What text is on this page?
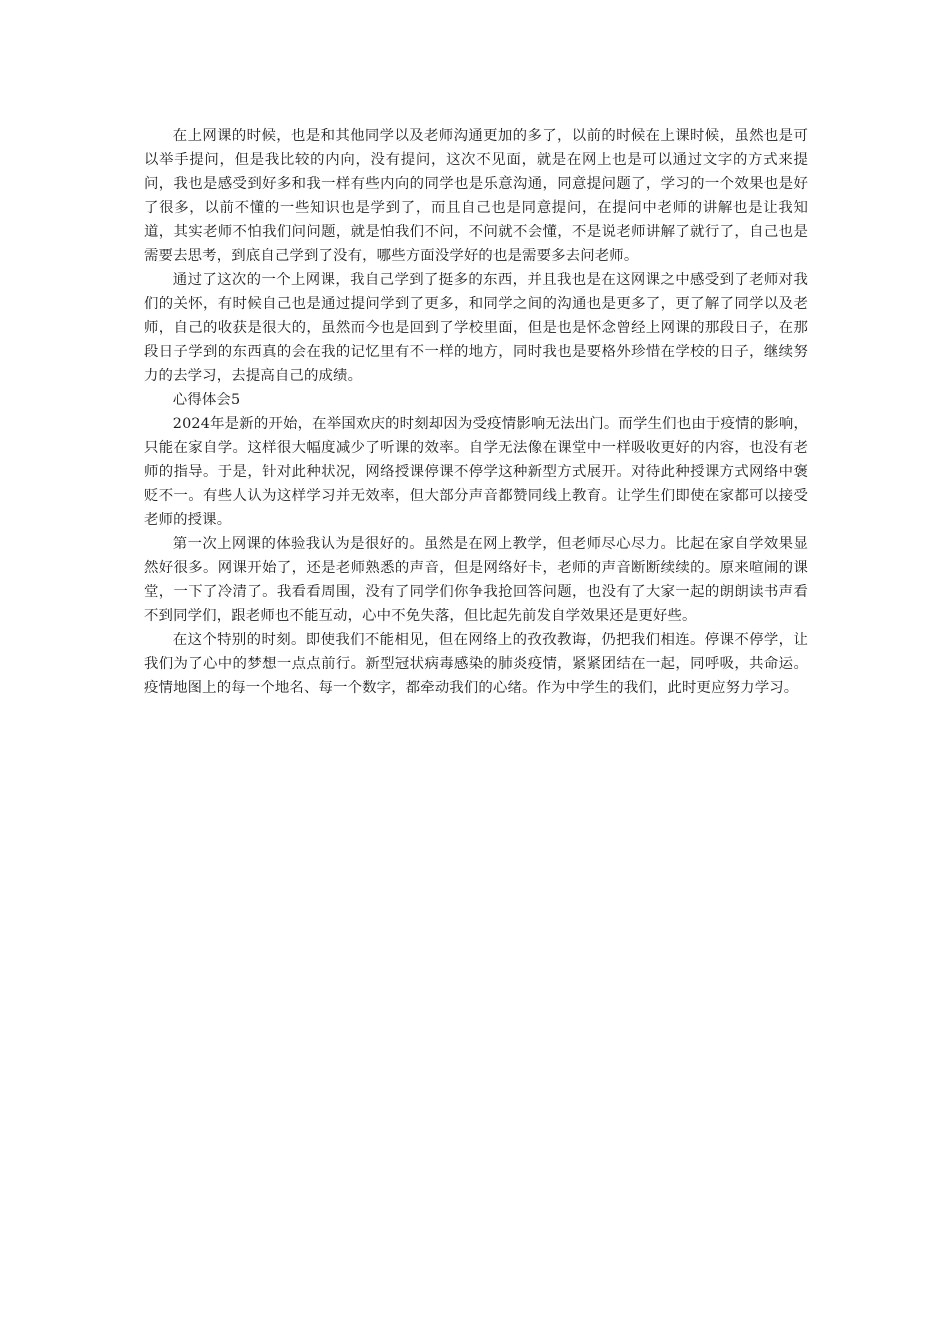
在上网课的时候，也是和其他同学以及老师沟通更加的多了，以前的时候在上课时候，虽然也是可以举手提问，但是我比较的内向，没有提问，这次不见面，就是在网上也是可以通过文字的方式来提问，我也是感受到好多和我一样有些内向的同学也是乐意沟通，同意提问题了，学习的一个效果也是好了很多，以前不懂的一些知识也是学到了，而且自己也是同意提问，在提问中老师的讲解也是让我知道，其实老师不怕我们问问题，就是怕我们不问，不问就不会懂，不是说老师讲解了就行了，自己也是需要去思考，到底自己学到了没有，哪些方面没学好的也是需要多去问老师。

通过了这次的一个上网课，我自己学到了挺多的东西，并且我也是在这网课之中感受到了老师对我们的关怀，有时候自己也是通过提问学到了更多，和同学之间的沟通也是更多了，更了解了同学以及老师，自己的收获是很大的，虽然而今也是回到了学校里面，但是也是怀念曾经上网课的那段日子，在那段日子学到的东西真的会在我的记忆里有不一样的地方，同时我也是要格外珍惜在学校的日子，继续努力的去学习，去提高自己的成绩。

心得体会5

2024年是新的开始，在举国欢庆的时刻却因为受疫情影响无法出门。而学生们也由于疫情的影响，只能在家自学。这样很大幅度减少了听课的效率。自学无法像在课堂中一样吸收更好的内容，也没有老师的指导。于是，针对此种状况，网络授课停课不停学这种新型方式展开。对待此种授课方式网络中褒贬不一。有些人认为这样学习并无效率，但大部分声音都赞同线上教育。让学生们即使在家都可以接受老师的授课。

第一次上网课的体验我认为是很好的。虽然是在网上教学，但老师尽心尽力。比起在家自学效果显然好很多。网课开始了，还是老师熟悉的声音，但是网络好卡，老师的声音断断续续的。原来喧闹的课堂，一下了冷清了。我看看周围，没有了同学们你争我抢回答问题，也没有了大家一起的朗朗读书声看不到同学们，跟老师也不能互动，心中不免失落，但比起先前发自学效果还是更好些。

在这个特别的时刻。即使我们不能相见，但在网络上的孜孜教诲，仍把我们相连。停课不停学，让我们为了心中的梦想一点点前行。新型冠状病毒感染的肺炎疫情，紧紧团结在一起，同呼吸，共命运。疫情地图上的每一个地名、每一个数字，都牵动我们的心绪。作为中学生的我们，此时更应努力学习。
